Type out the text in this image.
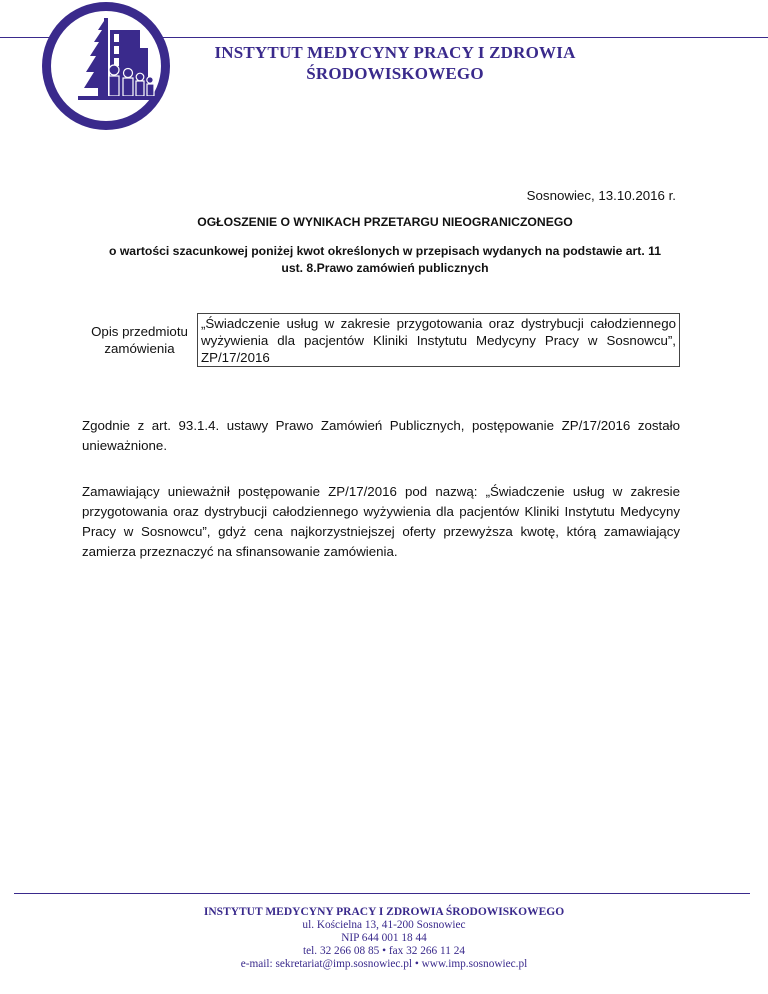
INSTYTUT MEDYCYNY PRACY I ZDROWIA
ŚRODOWISKOWEGO
Sosnowiec, 13.10.2016 r.
OGŁOSZENIE O WYNIKACH PRZETARGU NIEOGRANICZONEGO
o wartości szacunkowej poniżej kwot określonych w przepisach wydanych na podstawie art. 11
ust. 8.Prawo zamówień publicznych
Opis przedmiotu
zamówienia
	„Świadczenie usług w zakresie przygotowania oraz dystrybucji całodziennego wyżywienia dla pacjentów Kliniki Instytutu Medycyny Pracy w Sosnowcu”, ZP/17/2016
Zgodnie z art. 93.1.4. ustawy Prawo Zamówień Publicznych, postępowanie ZP/17/2016 zostało unieważnione.
Zamawiający unieważnił postępowanie ZP/17/2016 pod nazwą: „Świadczenie usług w zakresie przygotowania oraz dystrybucji całodziennego wyżywienia dla pacjentów Kliniki Instytutu Medycyny Pracy w Sosnowcu”, gdyż cena najkorzystniejszej oferty przewyższa kwotę, którą zamawiający zamierza przeznaczyć na sfinansowanie zamówienia.
INSTYTUT MEDYCYNY PRACY I ZDROWIA ŚRODOWISKOWEGO
ul. Kościelna 13, 41-200 Sosnowiec
NIP 644 001 18 44
tel. 32 266 08 85 • fax 32 266 11 24
e-mail: sekretariat@imp.sosnowiec.pl • www.imp.sosnowiec.pl
